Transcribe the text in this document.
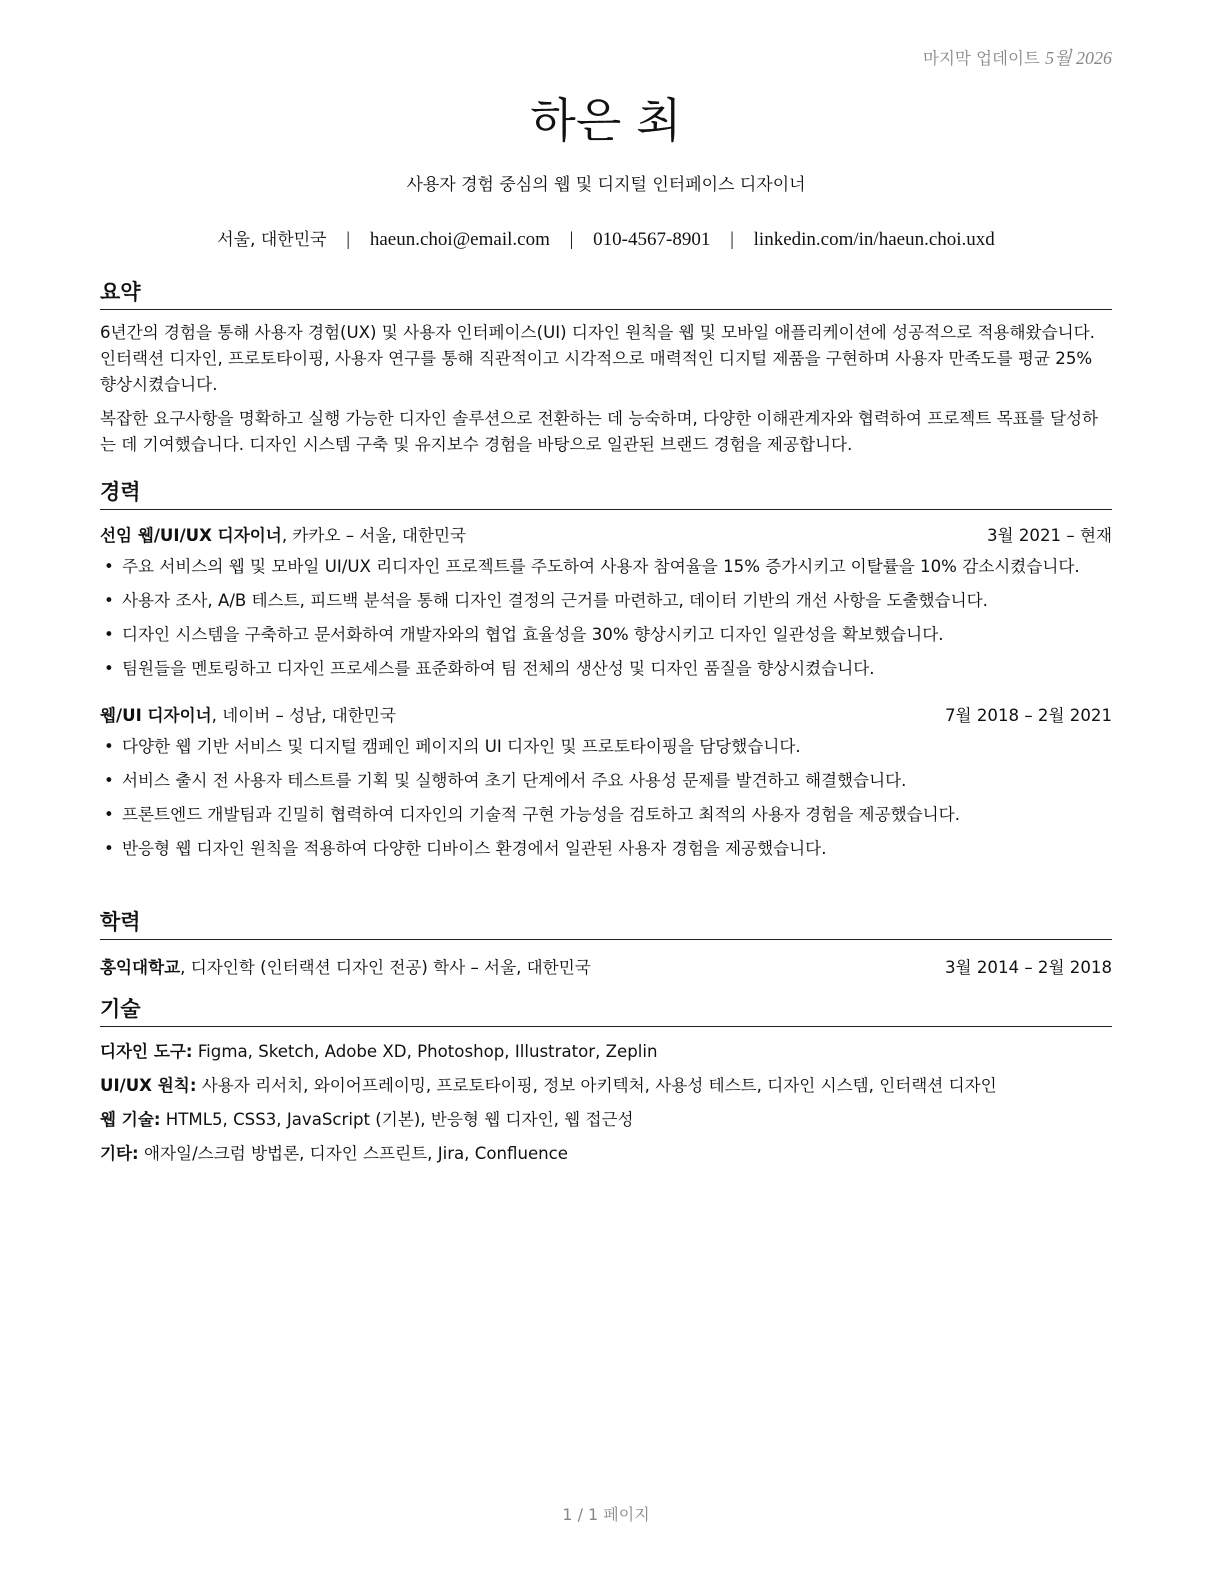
마지막 업데이트 5월 2026
하은 최
사용자 경험 중심의 웹 및 디지털 인터페이스 디자이너
서울, 대한민국 | haeun.choi@email.com | 010-4567-8901 | linkedin.com/in/haeun.choi.uxd
요약

6년간의 경험을 통해 사용자 경험(UX) 및 사용자 인터페이스(UI) 디자인 원칙을 웹 및 모바일 애플리케이션에 성공적으로 적용해왔습니다. 인터랙션 디자인, 프로토타이핑, 사용자 연구를 통해 직관적이고 시각적으로 매력적인 디지털 제품을 구현하며 사용자 만족도를 평균 25% 향상시켰습니다.

복잡한 요구사항을 명확하고 실행 가능한 디자인 솔루션으로 전환하는 데 능숙하며, 다양한 이해관계자와 협력하여 프로젝트 목표를 달성하는 데 기여했습니다. 디자인 시스템 구축 및 유지보수 경험을 바탕으로 일관된 브랜드 경험을 제공합니다.

경력
선임 웹/UI/UX 디자이너, 카카오 – 서울, 대한민국	3월 2021 – 현재
• 주요 서비스의 웹 및 모바일 UI/UX 리디자인 프로젝트를 주도하여 사용자 참여율을 15% 증가시키고 이탈률을 10% 감소시켰습니다.
• 사용자 조사, A/B 테스트, 피드백 분석을 통해 디자인 결정의 근거를 마련하고, 데이터 기반의 개선 사항을 도출했습니다.
• 디자인 시스템을 구축하고 문서화하여 개발자와의 협업 효율성을 30% 향상시키고 디자인 일관성을 확보했습니다.
• 팀원들을 멘토링하고 디자인 프로세스를 표준화하여 팀 전체의 생산성 및 디자인 품질을 향상시켰습니다.
웹/UI 디자이너, 네이버 – 성남, 대한민국	7월 2018 – 2월 2021
• 다양한 웹 기반 서비스 및 디지털 캠페인 페이지의 UI 디자인 및 프로토타이핑을 담당했습니다.
• 서비스 출시 전 사용자 테스트를 기획 및 실행하여 초기 단계에서 주요 사용성 문제를 발견하고 해결했습니다.
• 프론트엔드 개발팀과 긴밀히 협력하여 디자인의 기술적 구현 가능성을 검토하고 최적의 사용자 경험을 제공했습니다.
• 반응형 웹 디자인 원칙을 적용하여 다양한 디바이스 환경에서 일관된 사용자 경험을 제공했습니다.
학력
홍익대학교, 디자인학 (인터랙션 디자인 전공) 학사 – 서울, 대한민국	3월 2014 – 2월 2018
기술
디자인 도구: Figma, Sketch, Adobe XD, Photoshop, Illustrator, Zeplin
UI/UX 원칙: 사용자 리서치, 와이어프레이밍, 프로토타이핑, 정보 아키텍처, 사용성 테스트, 디자인 시스템, 인터랙션 디자인
웹 기술: HTML5, CSS3, JavaScript (기본), 반응형 웹 디자인, 웹 접근성
기타: 애자일/스크럼 방법론, 디자인 스프린트, Jira, Confluence
1 / 1 페이지
